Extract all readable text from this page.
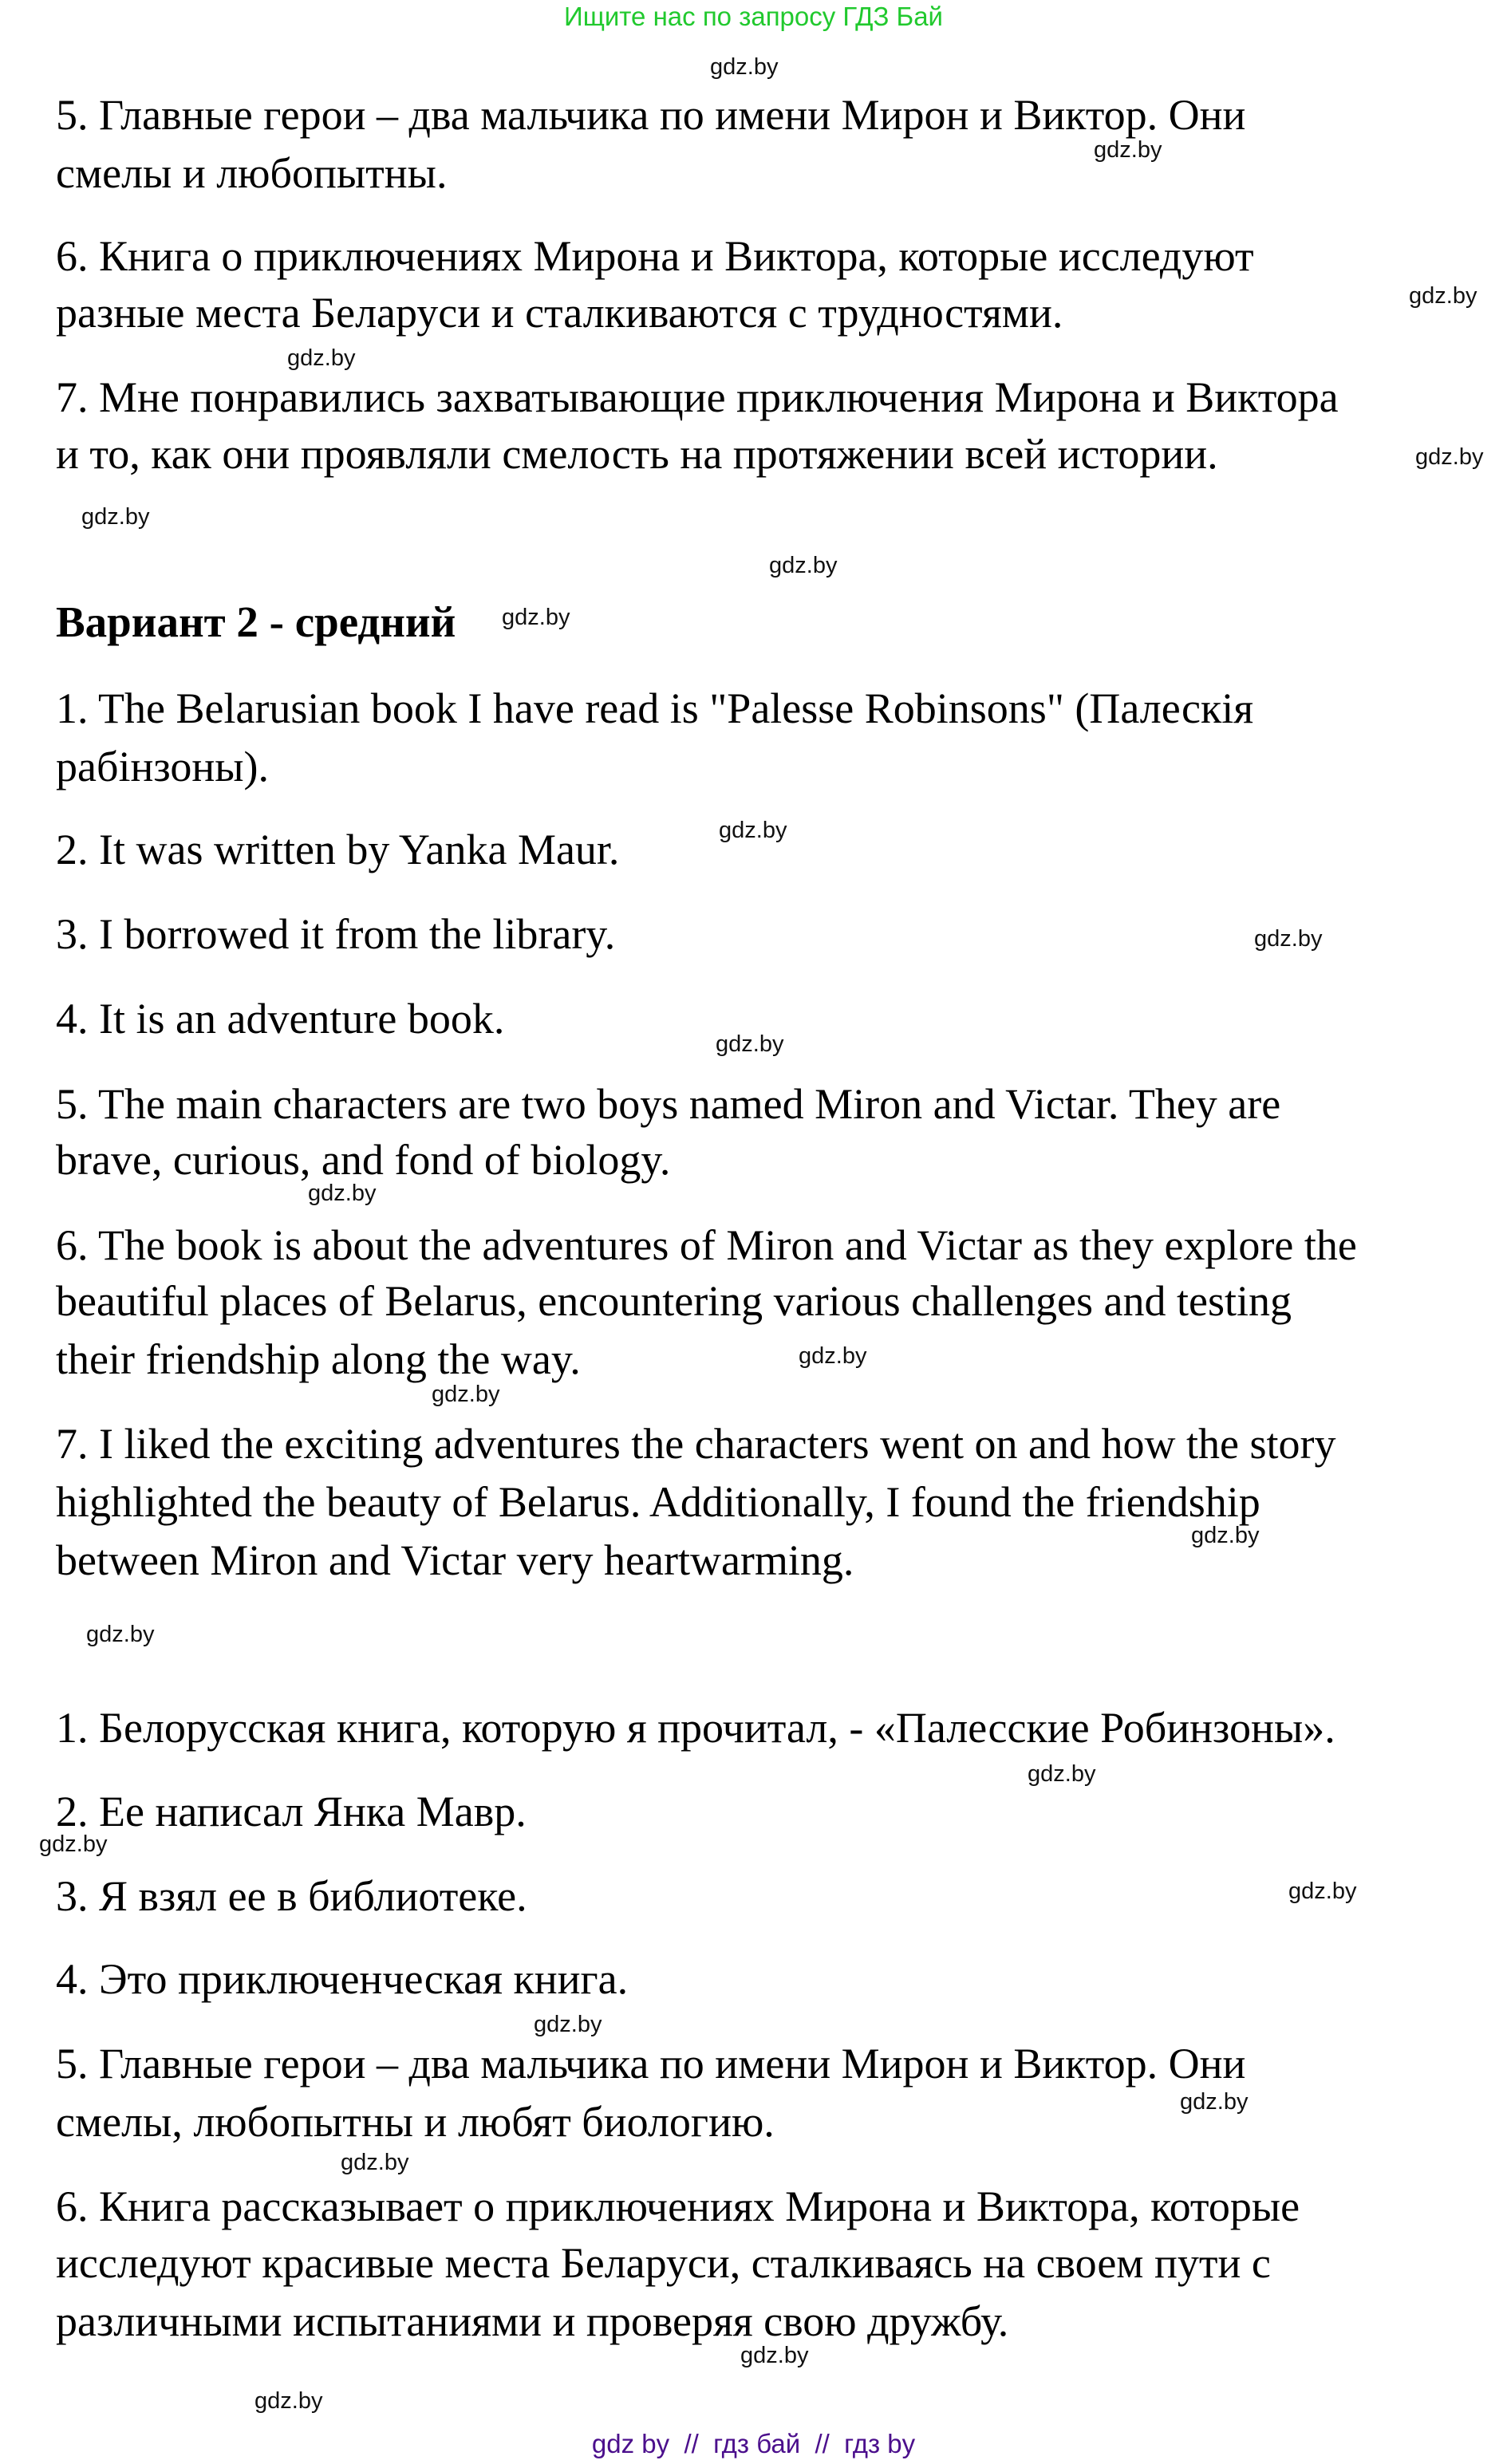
Ищите нас по запросу ГДЗ Бай
5. Главные герои – два мальчика по имени Мирон и Виктор. Они
смелы и любопытны.
6. Книга о приключениях Мирона и Виктора, которые исследуют
разные места Беларуси и сталкиваются с трудностями.
7. Мне понравились захватывающие приключения Мирона и Виктора
и то, как они проявляли смелость на протяжении всей истории.
Вариант 2 - средний
1. The Belarusian book I have read is "Palesse Robinsons" (Палескія
рабінзоны).
2. It was written by Yanka Maur.
3. I borrowed it from the library.
4. It is an adventure book.
5. The main characters are two boys named Miron and Victar. They are
brave, curious, and fond of biology.
6. The book is about the adventures of Miron and Victar as they explore the
beautiful places of Belarus, encountering various challenges and testing
their friendship along the way.
7. I liked the exciting adventures the characters went on and how the story
highlighted the beauty of Belarus. Additionally, I found the friendship
between Miron and Victar very heartwarming.
1. Белорусская книга, которую я прочитал, - «Палесские Робинзоны».
2. Ее написал Янка Мавр.
3. Я взял ее в библиотеке.
4. Это приключенческая книга.
5. Главные герои – два мальчика по имени Мирон и Виктор. Они
смелы, любопытны и любят биологию.
6. Книга рассказывает о приключениях Мирона и Виктора, которые
исследуют красивые места Беларуси, сталкиваясь на своем пути с
различными испытаниями и проверяя свою дружбу.
gdz.by
gdz.by
gdz.by
gdz.by
gdz.by
gdz.by
gdz.by
gdz.by
gdz.by
gdz.by
gdz.by
gdz.by
gdz.by
gdz.by
gdz.by
gdz.by
gdz.by
gdz.by
gdz.by
gdz.by
gdz.by
gdz.by
gdz.by
gdz.by
gdz by  //  гдз бай  //  гдз by
